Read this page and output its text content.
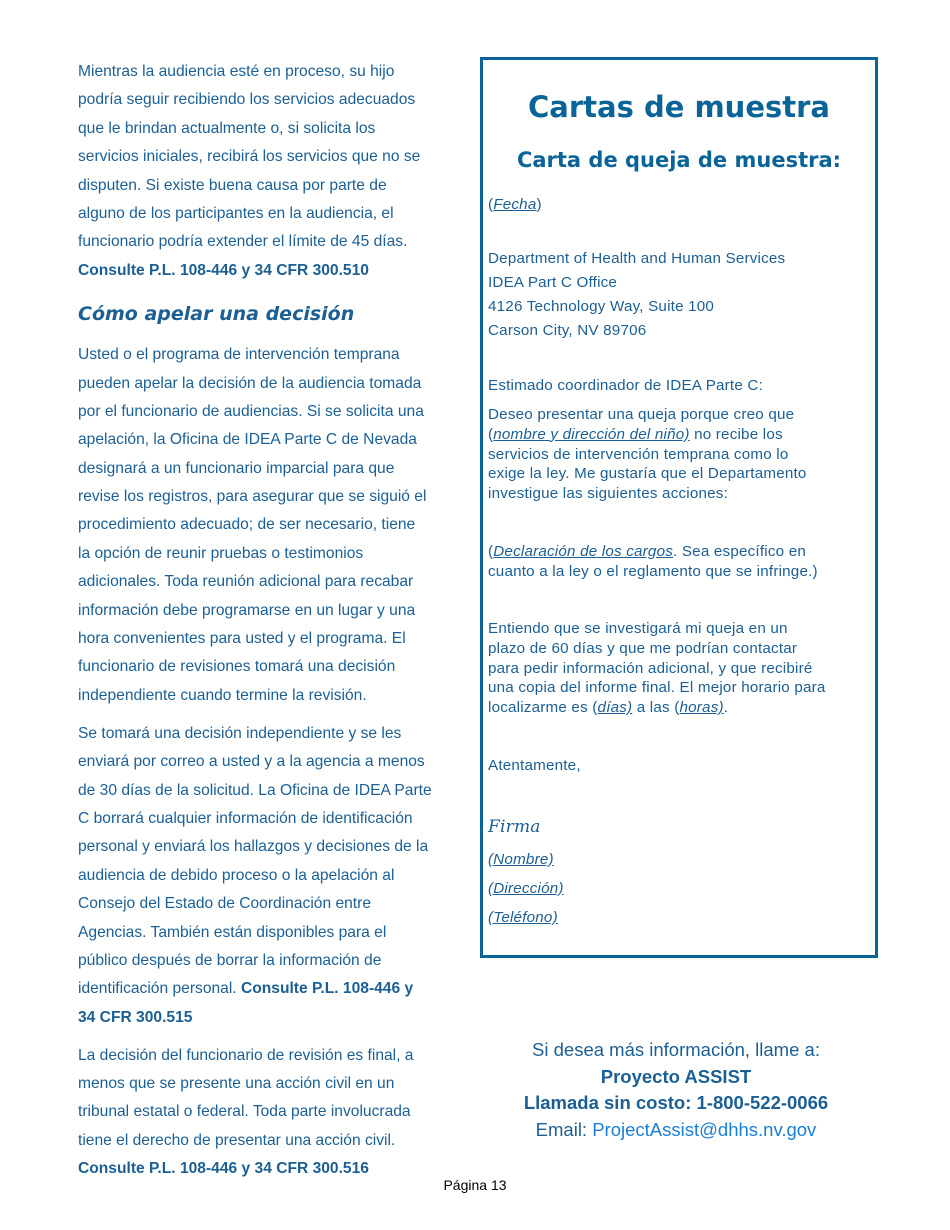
Mientras la audiencia esté en proceso, su hijo
podría seguir recibiendo los servicios adecuados
que le brindan actualmente o, si solicita los
servicios iniciales, recibirá los servicios que no se
disputen. Si existe buena causa por parte de
alguno de los participantes en la audiencia, el
funcionario podría extender el límite de 45 días.
Consulte P.L. 108-446 y 34 CFR 300.510
Cómo apelar una decisión
Usted o el programa de intervención temprana
pueden apelar la decisión de la audiencia tomada
por el funcionario de audiencias. Si se solicita una
apelación, la Oficina de IDEA Parte C de Nevada
designará a un funcionario imparcial para que
revise los registros, para asegurar que se siguió el
procedimiento adecuado; de ser necesario, tiene
la opción de reunir pruebas o testimonios
adicionales. Toda reunión adicional para recabar
información debe programarse en un lugar y una
hora convenientes para usted y el programa. El
funcionario de revisiones tomará una decisión
independiente cuando termine la revisión.
Se tomará una decisión independiente y se les
enviará por correo a usted y a la agencia a menos
de 30 días de la solicitud. La Oficina de IDEA Parte
C borrará cualquier información de identificación
personal y enviará los hallazgos y decisiones de la
audiencia de debido proceso o la apelación al
Consejo del Estado de Coordinación entre
Agencias. También están disponibles para el
público después de borrar la información de
identificación personal. Consulte P.L. 108-446 y
34 CFR 300.515
La decisión del funcionario de revisión es final, a
menos que se presente una acción civil en un
tribunal estatal o federal. Toda parte involucrada
tiene el derecho de presentar una acción civil.
Consulte P.L. 108-446 y 34 CFR 300.516
Cartas de muestra
Carta de queja de muestra:
(Fecha)
Department of Health and Human Services
IDEA Part C Office
4126 Technology Way, Suite 100
Carson City, NV 89706
Estimado coordinador de IDEA Parte C:
Deseo presentar una queja porque creo que
(nombre y dirección del niño) no recibe los
servicios de intervención temprana como lo
exige la ley. Me gustaría que el Departamento
investigue las siguientes acciones:
(Declaración de los cargos. Sea específico en
cuanto a la ley o el reglamento que se infringe.)
Entiendo que se investigará mi queja en un
plazo de 60 días y que me podrían contactar
para pedir información adicional, y que recibiré
una copia del informe final. El mejor horario para
localizarme es (días) a las (horas).
Atentamente,
Firma
(Nombre)
(Dirección)
(Teléfono)
Si desea más información, llame a:
Proyecto ASSIST
Llamada sin costo: 1-800-522-0066
Email: ProjectAssist@dhhs.nv.gov
Página 13
